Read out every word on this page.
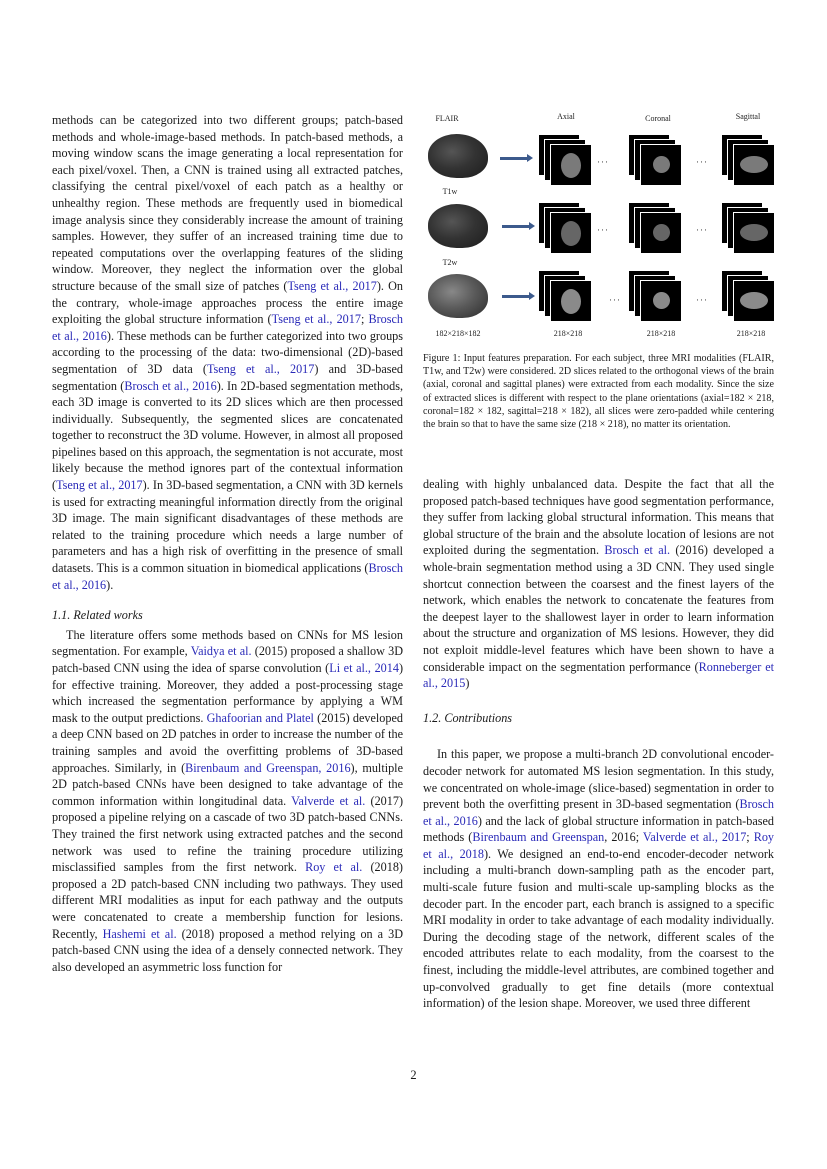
methods can be categorized into two different groups; patch-based methods and whole-image-based methods. In patch-based methods, a moving window scans the image generating a local representation for each pixel/voxel. Then, a CNN is trained using all extracted patches, classifying the central pixel/voxel of each patch as a healthy or unhealthy region. These methods are frequently used in biomedical image analysis since they considerably increase the amount of training samples. However, they suffer of an increased training time due to repeated computations over the overlapping features of the sliding window. Moreover, they neglect the information over the global structure because of the small size of patches (Tseng et al., 2017). On the contrary, whole-image approaches process the entire image exploiting the global structure information (Tseng et al., 2017; Brosch et al., 2016). These methods can be further categorized into two groups according to the processing of the data: two-dimensional (2D)-based segmentation of 3D data (Tseng et al., 2017) and 3D-based segmentation (Brosch et al., 2016). In 2D-based segmentation methods, each 3D image is converted to its 2D slices which are then processed individually. Subsequently, the segmented slices are concatenated together to reconstruct the 3D volume. However, in almost all proposed pipelines based on this approach, the segmentation is not accurate, most likely because the method ignores part of the contextual information (Tseng et al., 2017). In 3D-based segmentation, a CNN with 3D kernels is used for extracting meaningful information directly from the original 3D image. The main significant disadvantages of these methods are related to the training procedure which needs a large number of parameters and has a high risk of overfitting in the presence of small datasets. This is a common situation in biomedical applications (Brosch et al., 2016).

1.1. Related works

The literature offers some methods based on CNNs for MS lesion segmentation. For example, Vaidya et al. (2015) proposed a shallow 3D patch-based CNN using the idea of sparse convolution (Li et al., 2014) for effective training. Moreover, they added a post-processing stage which increased the segmentation performance by applying a WM mask to the output predictions. Ghafoorian and Platel (2015) developed a deep CNN based on 2D patches in order to increase the number of the training samples and avoid the overfitting problems of 3D-based approaches. Similarly, in (Birenbaum and Greenspan, 2016), multiple 2D patch-based CNNs have been designed to take advantage of the common information within longitudinal data. Valverde et al. (2017) proposed a pipeline relying on a cascade of two 3D patch-based CNNs. They trained the first network using extracted patches and the second network was used to refine the training procedure utilizing misclassified samples from the first network. Roy et al. (2018) proposed a 2D patch-based CNN including two pathways. They used different MRI modalities as input for each pathway and the outputs were concatenated to create a membership function for lesions. Recently, Hashemi et al. (2018) proposed a method relying on a 3D patch-based CNN using the idea of a densely connected network. They also developed an asymmetric loss function for

FLAIR	Axial	Coronal	Sagittal
···	···
T1w
···	···
T2w
···	···
182×218×182	218×218	218×218	218×218
Figure 1: Input features preparation. For each subject, three MRI modalities (FLAIR, T1w, and T2w) were considered. 2D slices related to the orthogonal views of the brain (axial, coronal and sagittal planes) were extracted from each modality. Since the size of extracted slices is different with respect to the plane orientations (axial=182 × 218, coronal=182 × 182, sagittal=218 × 182), all slices were zero-padded while centering the brain so that to have the same size (218 × 218), no matter its orientation.

dealing with highly unbalanced data. Despite the fact that all the proposed patch-based techniques have good segmentation performance, they suffer from lacking global structural information. This means that global structure of the brain and the absolute location of lesions are not exploited during the segmentation. Brosch et al. (2016) developed a whole-brain segmentation method using a 3D CNN. They used single shortcut connection between the coarsest and the finest layers of the network, which enables the network to concatenate the features from the deepest layer to the shallowest layer in order to learn information about the structure and organization of MS lesions. However, they did not exploit middle-level features which have been shown to have a considerable impact on the segmentation performance (Ronneberger et al., 2015)

1.2. Contributions

In this paper, we propose a multi-branch 2D convolutional encoder-decoder network for automated MS lesion segmentation. In this study, we concentrated on whole-image (slice-based) segmentation in order to prevent both the overfitting present in 3D-based segmentation (Brosch et al., 2016) and the lack of global structure information in patch-based methods (Birenbaum and Greenspan, 2016; Valverde et al., 2017; Roy et al., 2018). We designed an end-to-end encoder-decoder network including a multi-branch down-sampling path as the encoder part, multi-scale future fusion and multi-scale up-sampling blocks as the decoder part. In the encoder part, each branch is assigned to a specific MRI modality in order to take advantage of each modality individually. During the decoding stage of the network, different scales of the encoded attributes relate to each modality, from the coarsest to the finest, including the middle-level attributes, are combined together and up-convolved gradually to get fine details (more contextual information) of the lesion shape. Moreover, we used three different

2
